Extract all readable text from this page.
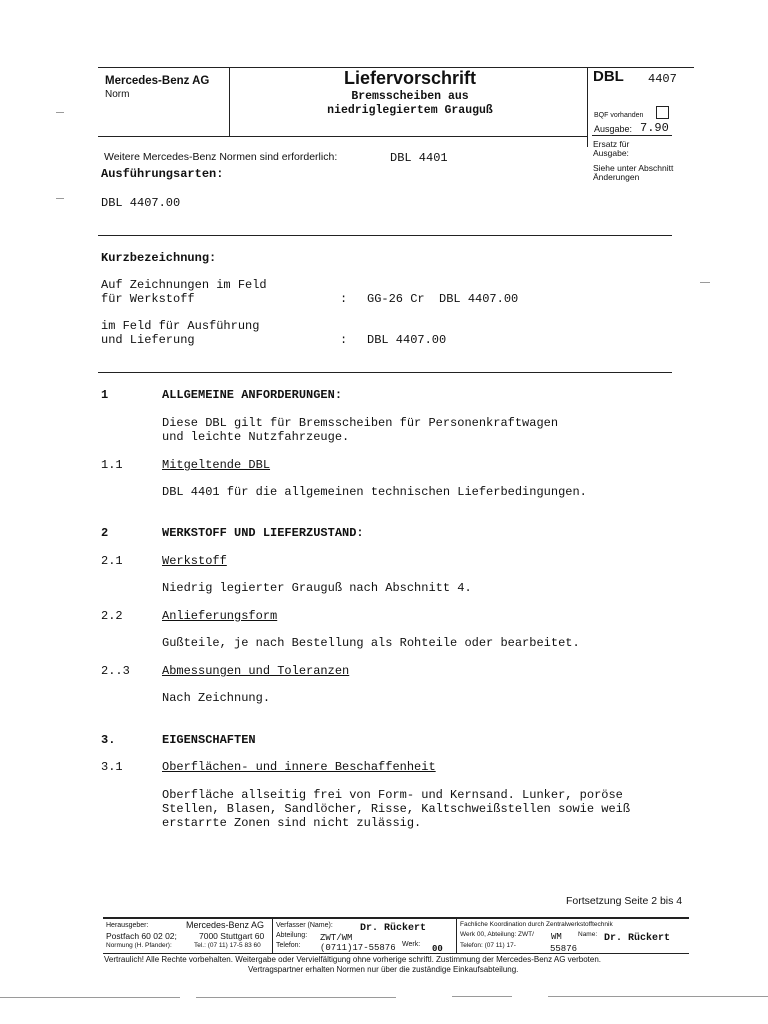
Mercedes-Benz AG
Norm
Liefervorschrift
Bremsscheiben aus
niedriglegiertem Grauguß
DBL 4407
BQF vorhanden
Ausgabe: 7.90
Ersatz für Ausgabe:
Siehe unter Abschnitt Änderungen
Weitere Mercedes-Benz Normen sind erforderlich:	DBL 4401
Ausführungsarten:
DBL 4407.00
Kurzbezeichnung:
Auf Zeichnungen im Feld
für Werkstoff	: GG-26 Cr  DBL 4407.00
im Feld für Ausführung
und Lieferung	: DBL 4407.00
1	ALLGEMEINE ANFORDERUNGEN:
Diese DBL gilt für Bremsscheiben für Personenkraftwagen
und leichte Nutzfahrzeuge.
1.1	Mitgeltende DBL
DBL 4401 für die allgemeinen technischen Lieferbedingungen.
2	WERKSTOFF UND LIEFERZUSTAND:
2.1	Werkstoff
Niedrig legierter Grauguß nach Abschnitt 4.
2.2	Anlieferungsform
Gußteile, je nach Bestellung als Rohteile oder bearbeitet.
2..3	Abmessungen und Toleranzen
Nach Zeichnung.
3.	EIGENSCHAFTEN
3.1	Oberflächen- und innere Beschaffenheit
Oberfläche allseitig frei von Form- und Kernsand. Lunker, poröse
Stellen, Blasen, Sandlöcher, Risse, Kaltschweißstellen sowie weiß
erstarrte Zonen sind nicht zulässig.
Fortsetzung Seite 2 bis 4
Herausgeber:	Mercedes-Benz AG
Postfach 60 02 02;	7000 Stuttgart 60
Normung (H. Pfander):	Tel.: (07 11) 17-5 83 60
Verfasser (Name):	Dr. Rückert
Abteilung: ZWT/WM
Telefon: (0711)17-55876 Werk: 00
Fachliche Koordination durch Zentralwerkstofftechnik
Werk 00, Abteilung: ZWT/ WM Name: Dr. Rückert
Telefon: (07 11) 17-	55876
Vertraulich! Alle Rechte vorbehalten. Weitergabe oder Vervielfältigung ohne vorherige schriftl. Zustimmung der Mercedes-Benz AG verboten.
Vertragspartner erhalten Normen nur über die zuständige Einkaufsabteilung.
